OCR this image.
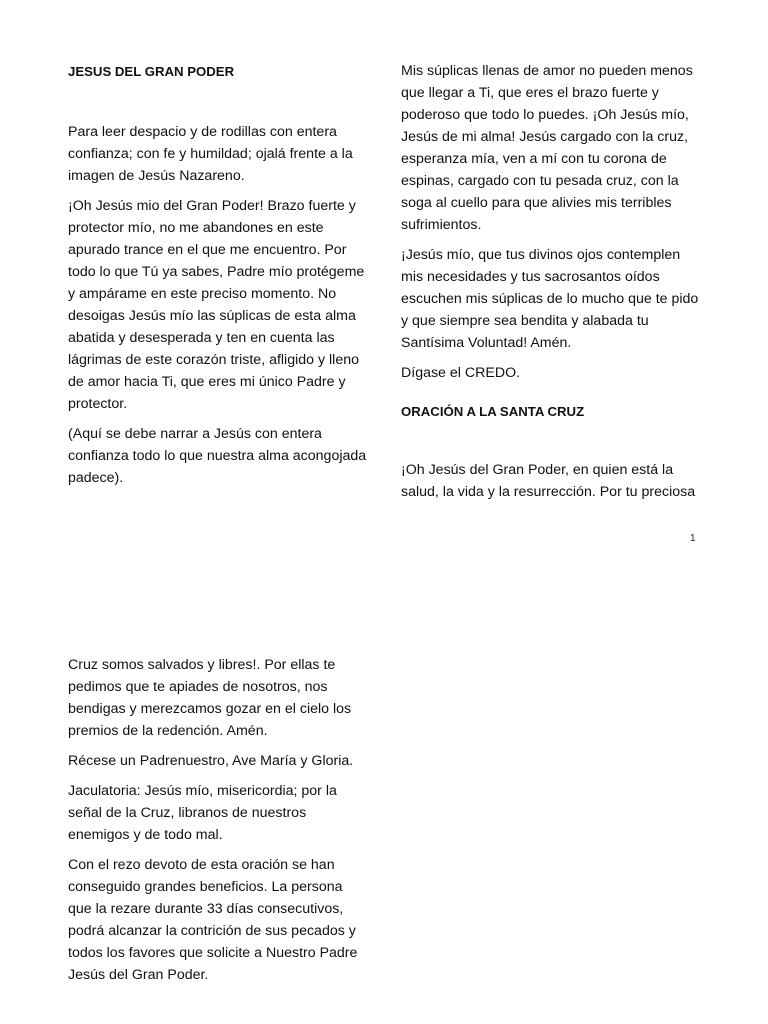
JESUS DEL GRAN PODER

Para leer despacio y de rodillas con entera confianza; con fe y humildad; ojalá frente a la imagen de Jesús Nazareno.

¡Oh Jesús mio del Gran Poder! Brazo fuerte y protector mío, no me abandones en este apurado trance en el que me encuentro. Por todo lo que Tú ya sabes, Padre mío protégeme y ampárame en este preciso momento. No desoigas Jesús mío las súplicas de esta alma abatida y desesperada y ten en cuenta las lágrimas de este corazón triste, afligido y lleno de amor hacia Ti, que eres mi único Padre y protector.

(Aquí se debe narrar a Jesús con entera confianza todo lo que nuestra alma acongojada padece).

Mis súplicas llenas de amor no pueden menos que llegar a Ti, que eres el brazo fuerte y poderoso que todo lo puedes. ¡Oh Jesús mío, Jesús de mi alma! Jesús cargado con la cruz, esperanza mía, ven a mí con tu corona de espinas, cargado con tu pesada cruz, con la soga al cuello para que alivies mis terribles sufrimientos.

¡Jesús mío, que tus divinos ojos contemplen mis necesidades y tus sacrosantos oídos escuchen mis súplicas de lo mucho que te pido y que siempre sea bendita y alabada tu Santísima Voluntad! Amén.

Dígase el CREDO.

ORACIÓN A LA SANTA CRUZ

¡Oh Jesús del Gran Poder, en quien está la salud, la vida y la resurrección. Por tu preciosa

1

Cruz somos salvados y libres!. Por ellas te pedimos que te apiades de nosotros, nos bendigas y merezcamos gozar en el cielo los premios de la redención. Amén.

Récese un Padrenuestro, Ave María y Gloria.

Jaculatoria: Jesús mío, misericordia; por la señal de la Cruz, libranos de nuestros enemigos y de todo mal.

Con el rezo devoto de esta oración se han conseguido grandes beneficios. La persona que la rezare durante 33 días consecutivos, podrá alcanzar la contrición de sus pecados y todos los favores que solicite a Nuestro Padre Jesús del Gran Poder.
